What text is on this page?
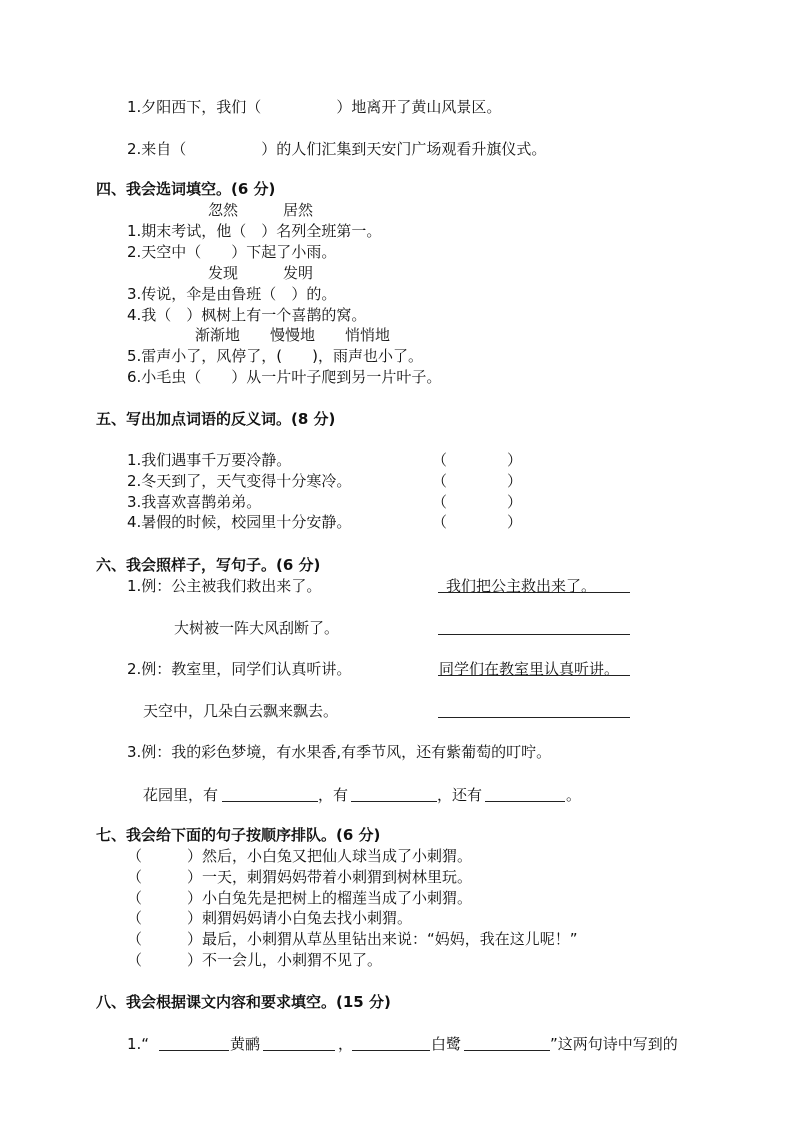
1.夕阳西下，我们（　　　　　）地离开了黄山风景区。
2.来自（　　　　　）的人们汇集到天安门广场观看升旗仪式。
四、我会选词填空。(6 分)
忽然　　　居然
1.期末考试，他（　）名列全班第一。
2.天空中（　　）下起了小雨。
发现　　　发明
3.传说，伞是由鲁班（　）的。
4.我（　）枫树上有一个喜鹊的窝。
渐渐地　　慢慢地　　悄悄地
5.雷声小了，风停了，(　　)，雨声也小了。
6.小毛虫（　　）从一片叶子爬到另一片叶子。
五、写出加点词语的反义词。(8 分)
1.我们遇事千万要冷静。	（　　　　）
2.冬天到了，天气变得十分寒冷。	（　　　　）
3.我喜欢喜鹊弟弟。	（　　　　）
4.暑假的时候，校园里十分安静。	（　　　　）
六、我会照样子，写句子。(6 分)
1.例：公主被我们救出来了。	我们把公主救出来了。
大树被一阵大风刮断了。
2.例：教室里，同学们认真听讲。	同学们在教室里认真听讲。
天空中，几朵白云飘来飘去。
3.例：我的彩色梦境，有水果香,有季节风，还有紫葡萄的叮咛。
花园里，有	，有	，还有	。
七、我会给下面的句子按顺序排队。(6 分)
（　　　）然后，小白兔又把仙人球当成了小刺猬。
（　　　）一天，刺猬妈妈带着小刺猬到树林里玩。
（　　　）小白兔先是把树上的榴莲当成了小刺猬。
（　　　）刺猬妈妈请小白兔去找小刺猬。
（　　　）最后，小刺猬从草丛里钻出来说：“妈妈，我在这儿呢！”
（　　　）不一会儿，小刺猬不见了。
八、我会根据课文内容和要求填空。(15 分)
1.“	黄鹂	，	白鹭	”这两句诗中写到的
